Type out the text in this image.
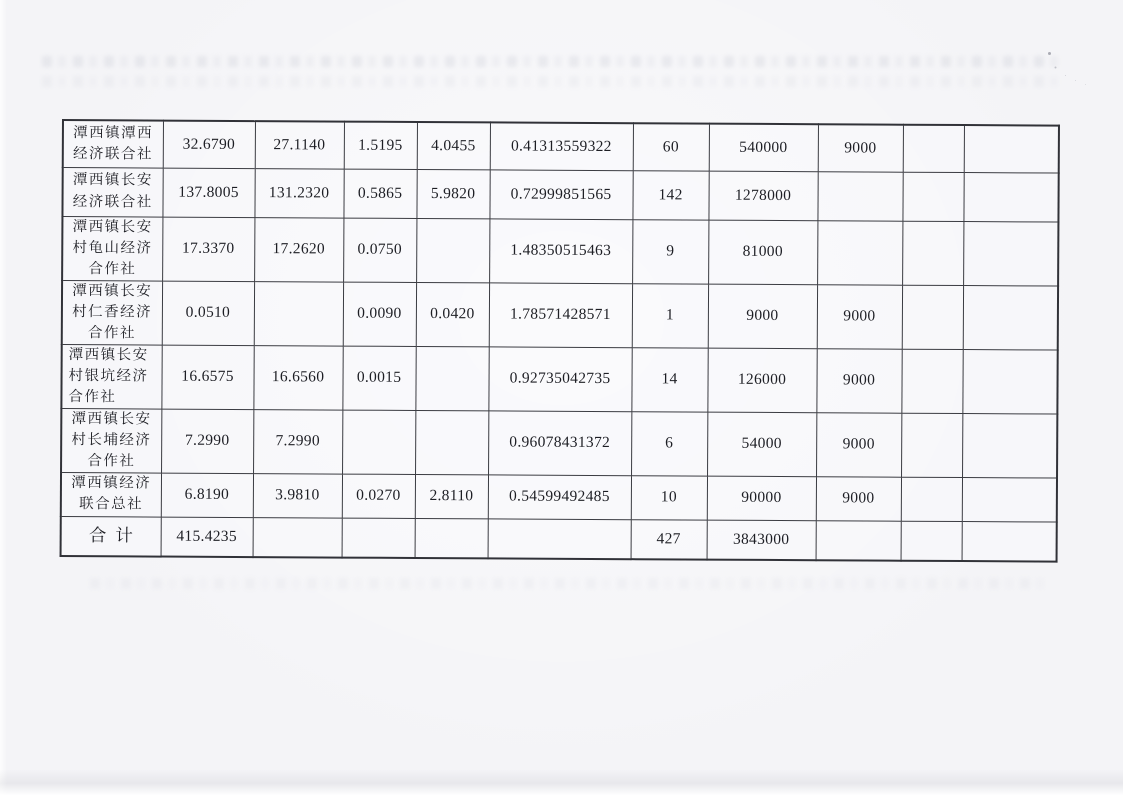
潭西镇潭西
经济联合社	32.6790	27.1140	1.5195	4.0455	0.41313559322	60	540000	9000		
潭西镇长安
经济联合社	137.8005	131.2320	0.5865	5.9820	0.72999851565	142	1278000			
潭西镇长安
村龟山经济
合作社	17.3370	17.2620	0.0750		1.48350515463	9	81000			
潭西镇长安
村仁香经济
合作社	0.0510		0.0090	0.0420	1.78571428571	1	9000	9000		
潭西镇长安
村银坑经济
合作社	16.6575	16.6560	0.0015		0.92735042735	14	126000	9000		
潭西镇长安
村长埔经济
合作社	7.2990	7.2990			0.96078431372	6	54000	9000		
潭西镇经济
联合总社	6.8190	3.9810	0.0270	2.8110	0.54599492485	10	90000	9000		
合计	415.4235					427	3843000			
